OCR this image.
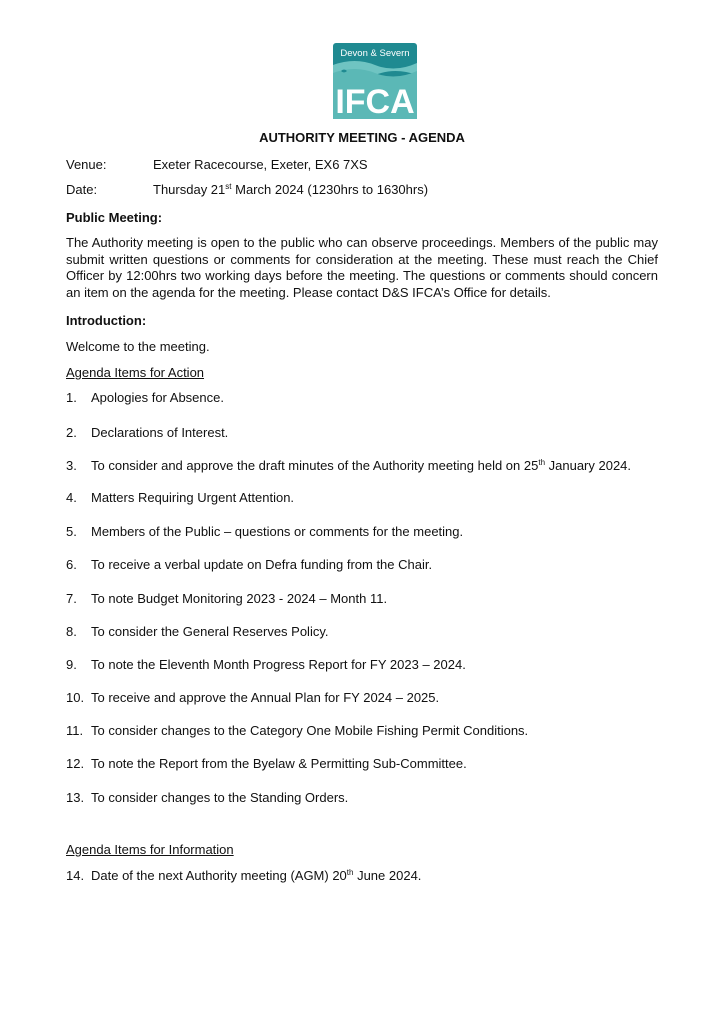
Devon & Severn
IFCA
AUTHORITY MEETING - AGENDA
Venue:	Exeter Racecourse, Exeter, EX6 7XS
Date:	Thursday 21st March 2024 (1230hrs to 1630hrs)
Public Meeting:

The Authority meeting is open to the public who can observe proceedings. Members of the public may submit written questions or comments for consideration at the meeting. These must reach the Chief Officer by 12:00hrs two working days before the meeting. The questions or comments should concern an item on the agenda for the meeting. Please contact D&S IFCA’s Office for details.

Introduction:
Welcome to the meeting.
Agenda Items for Action
1. Apologies for Absence.
2. Declarations of Interest.
3. To consider and approve the draft minutes of the Authority meeting held on 25th January 2024.
4. Matters Requiring Urgent Attention.
5. Members of the Public – questions or comments for the meeting.
6. To receive a verbal update on Defra funding from the Chair.
7. To note Budget Monitoring 2023 - 2024 – Month 11.
8. To consider the General Reserves Policy.
9. To note the Eleventh Month Progress Report for FY 2023 – 2024.
10. To receive and approve the Annual Plan for FY 2024 – 2025.
11. To consider changes to the Category One Mobile Fishing Permit Conditions.
12. To note the Report from the Byelaw & Permitting Sub-Committee.
13. To consider changes to the Standing Orders.
Agenda Items for Information
14. Date of the next Authority meeting (AGM) 20th June 2024.
